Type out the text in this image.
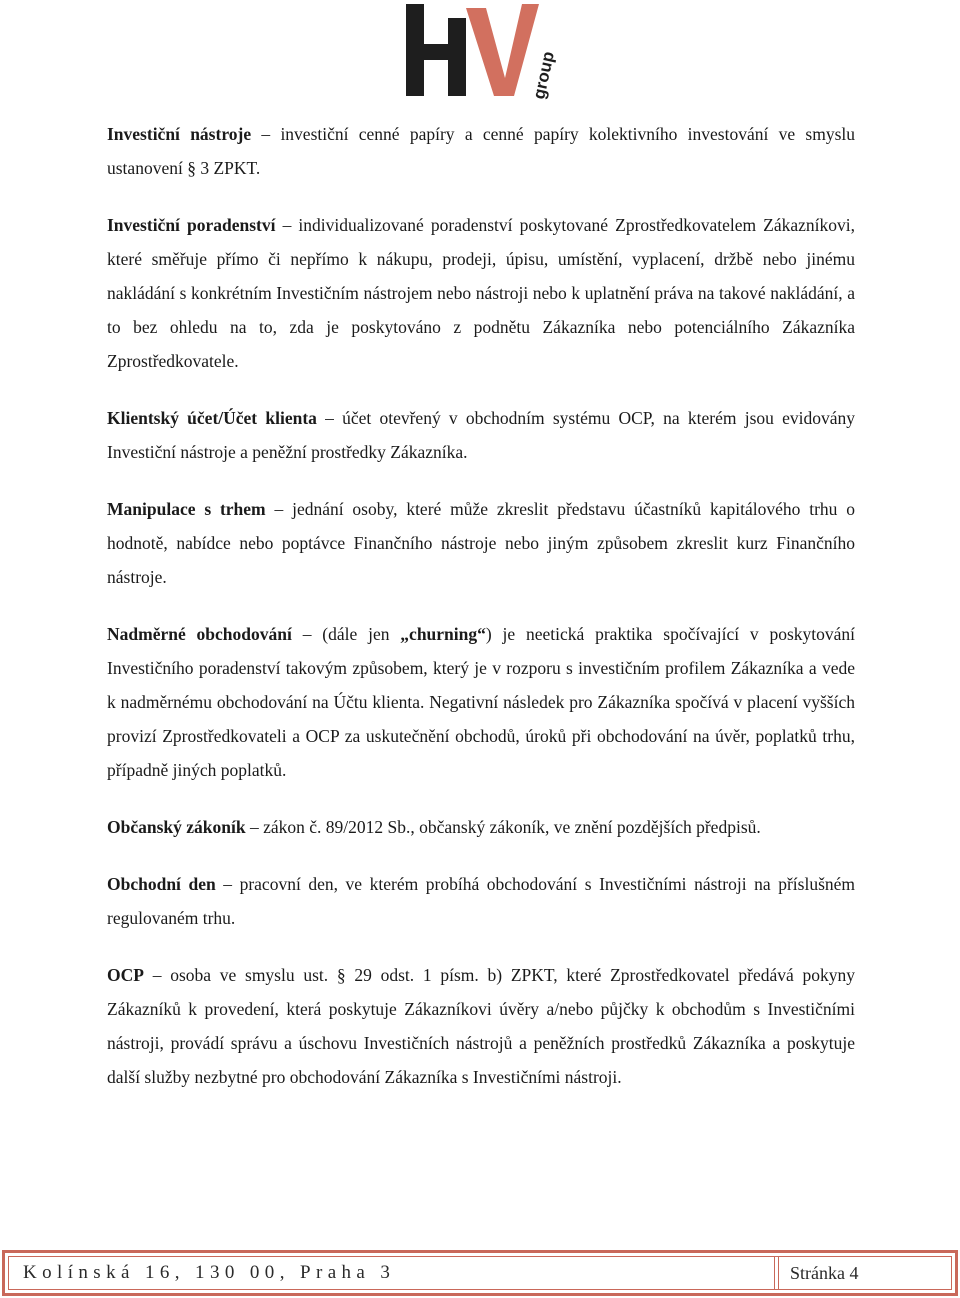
group

Investiční nástroje – investiční cenné papíry a cenné papíry kolektivního investování ve smyslu ustanovení § 3 ZPKT.

Investiční poradenství – individualizované poradenství poskytované Zprostředkovatelem Zákazníkovi, které směřuje přímo či nepřímo k nákupu, prodeji, úpisu, umístění, vyplacení, držbě nebo jinému nakládání s konkrétním Investičním nástrojem nebo nástroji nebo k uplatnění práva na takové nakládání, a to bez ohledu na to, zda je poskytováno z podnětu Zákazníka nebo potenciálního Zákazníka Zprostředkovatele.

Klientský účet/Účet klienta – účet otevřený v obchodním systému OCP, na kterém jsou evidovány Investiční nástroje a peněžní prostředky Zákazníka.

Manipulace s trhem – jednání osoby, které může zkreslit představu účastníků kapitálového trhu o hodnotě, nabídce nebo poptávce Finančního nástroje nebo jiným způsobem zkreslit kurz Finančního nástroje.

Nadměrné obchodování – (dále jen „churning“) je neetická praktika spočívající v poskytování Investičního poradenství takovým způsobem, který je v rozporu s investičním profilem Zákazníka a vede k nadměrnému obchodování na Účtu klienta. Negativní následek pro Zákazníka spočívá v placení vyšších provizí Zprostředkovateli a OCP za uskutečnění obchodů, úroků při obchodování na úvěr, poplatků trhu, případně jiných poplatků.

Občanský zákoník – zákon č. 89/2012 Sb., občanský zákoník, ve znění pozdějších předpisů.

Obchodní den – pracovní den, ve kterém probíhá obchodování s Investičními nástroji na příslušném regulovaném trhu.

OCP – osoba ve smyslu ust. § 29 odst. 1 písm. b) ZPKT, které Zprostředkovatel předává pokyny Zákazníků k provedení, která poskytuje Zákazníkovi úvěry a/nebo půjčky k obchodům s Investičními nástroji, provádí správu a úschovu Investičních nástrojů a peněžních prostředků Zákazníka a poskytuje další služby nezbytné pro obchodování Zákazníka s Investičními nástroji.

Kolínská 16, 130 00, Praha 3	Stránka 4
